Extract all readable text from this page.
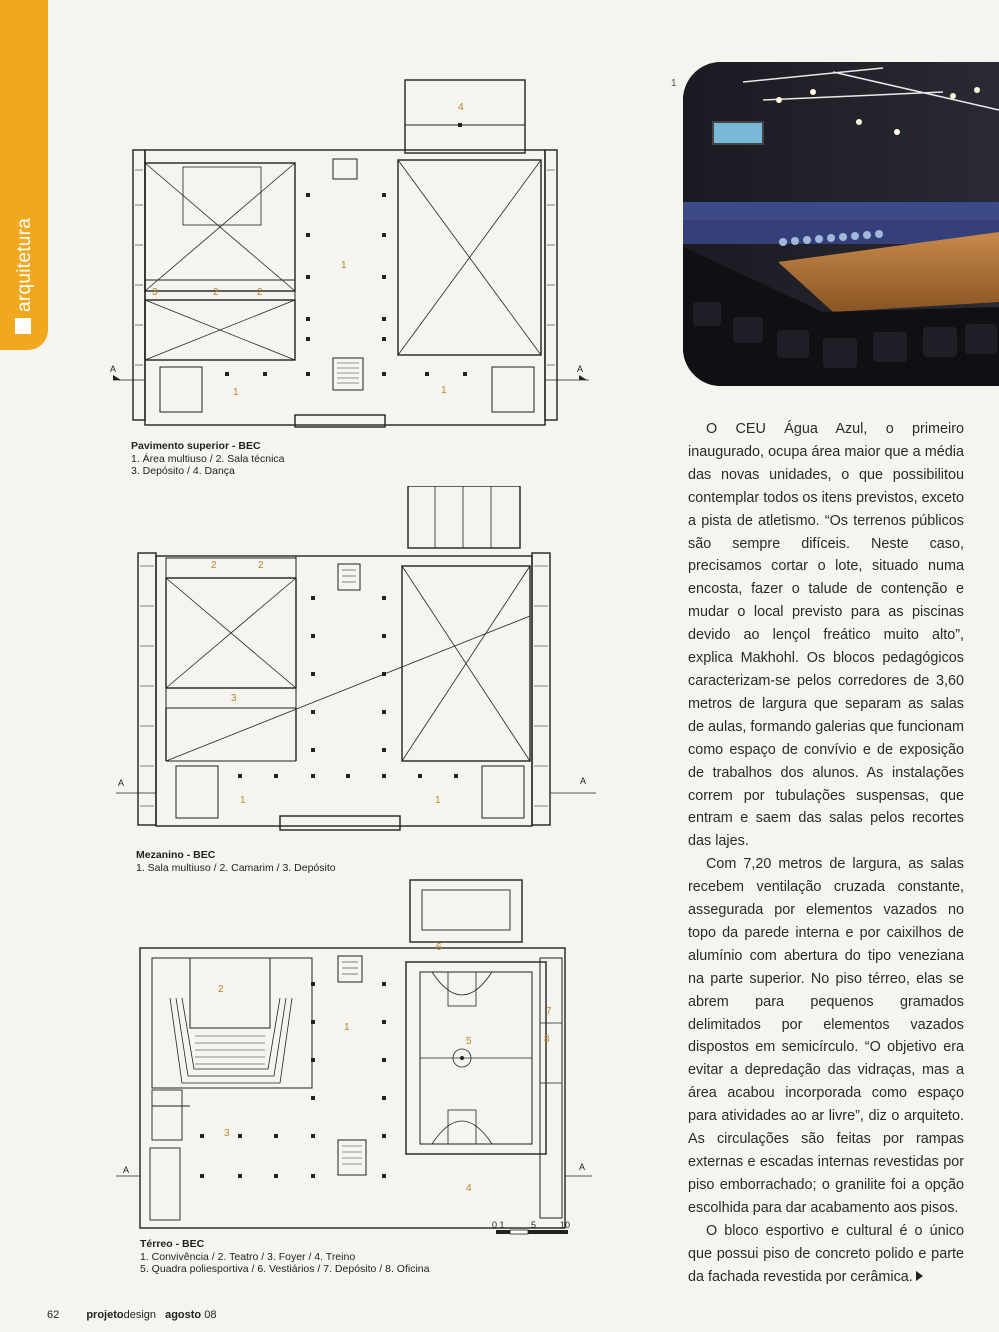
arquitetura
4
1
1	1
3	2	2
A	A
Pavimento superior - BEC
1. Área multiuso / 2. Sala técnica
3. Depósito / 4. Dança
2	2
3
1	1
A	A
Mezanino - BEC
1. Sala multiuso / 2. Camarim / 3. Depósito
6
2
1
7
5	8
3
4
A	A
0 1	5	10
Térreo - BEC
1. Convivência / 2. Teatro / 3. Foyer / 4. Treino
5. Quadra poliesportiva / 6. Vestiários / 7. Depósito / 8. Oficina
1

O CEU Água Azul, o primeiro inaugurado, ocupa área maior que a média das novas unidades, o que possibilitou contemplar todos os itens previstos, exceto a pista de atletismo. “Os terrenos públicos são sempre difíceis. Neste caso, precisamos cortar o lote, situado numa encosta, fazer o talude de contenção e mudar o local previsto para as piscinas devido ao lençol freático muito alto”, explica Makhohl. Os blocos pedagógicos caracterizam-se pelos corredores de 3,60 metros de largura que separam as salas de aulas, formando galerias que funcionam como espaço de convívio e de exposição de trabalhos dos alunos. As instalações correm por tubulações suspensas, que entram e saem das salas pelos recortes das lajes.

Com 7,20 metros de largura, as salas recebem ventilação cruzada constante, assegurada por elementos vazados no topo da parede interna e por caixilhos de alumínio com abertura do tipo veneziana na parte superior. No piso térreo, elas se abrem para pequenos gramados delimitados por elementos vazados dispostos em semicírculo. “O objetivo era evitar a depredação das vidraças, mas a área acabou incorporada como espaço para atividades ao ar livre”, diz o arquiteto. As circulações são feitas por rampas externas e escadas internas revestidas por piso emborrachado; o granilite foi a opção escolhida para dar acabamento aos pisos.

O bloco esportivo e cultural é o único que possui piso de concreto polido e parte da fachada revestida por cerâmica.

62 projetodesign agosto 08
